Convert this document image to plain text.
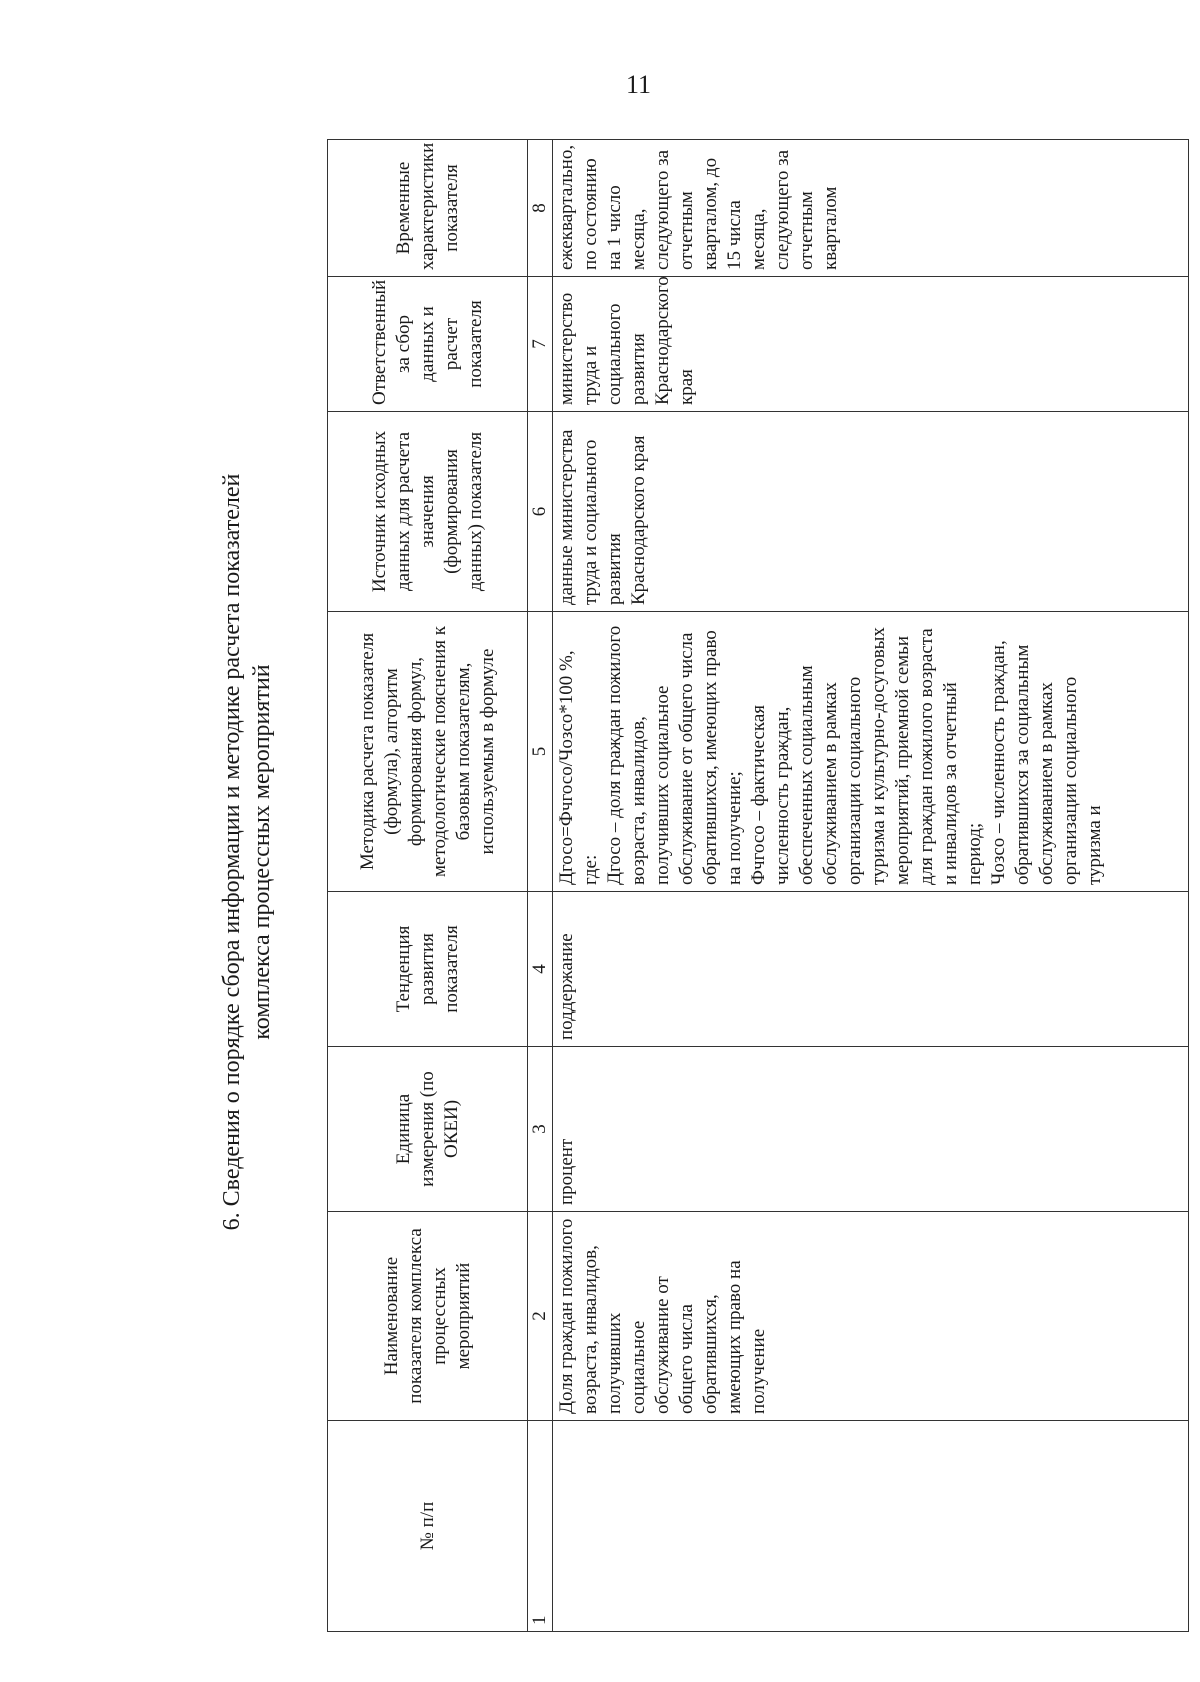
11
6. Сведения о порядке сбора информации и методике расчета показателей комплекса процессных мероприятий
№ п/п	Наименование показателя комплекса процессных мероприятий	Единица измерения (по ОКЕИ)	Тенденция развития показателя	Методика расчета показателя (формула), алгоритм формирования формул, методологические пояснения к базовым показателям, используемым в формуле	Источник исходных данных для расчета значения (формирования данных) показателя	Ответственный за сбор данных и расчет показателя	Временные характеристики показателя
1	2	3	4	5	6	7	8
	Доля граждан пожилого возраста, инвалидов, получивших социальное обслуживание от общего числа обратившихся, имеющих право на получение	процент	поддержание	Дгосо=Фчгосо/Чозсо*100 %, где: Дгосо – доля граждан пожилого возраста, инвалидов, получивших социальное обслуживание от общего числа обратившихся, имеющих право на получение; Фчгосо – фактическая численность граждан, обеспеченных социальным обслуживанием в рамках организации социального туризма и культурно-досуговых мероприятий, приемной семьи для граждан пожилого возраста и инвалидов за отчетный период; Чозсо – численность граждан, обратившихся за социальным обслуживанием в рамках организации социального туризма и	данные министерства труда и социального развития Краснодарского края	министерство труда и социального развития Краснодарского края	ежеквартально, по состоянию на 1 число месяца, следующего за отчетным кварталом, до 15 числа месяца, следующего за отчетным кварталом
